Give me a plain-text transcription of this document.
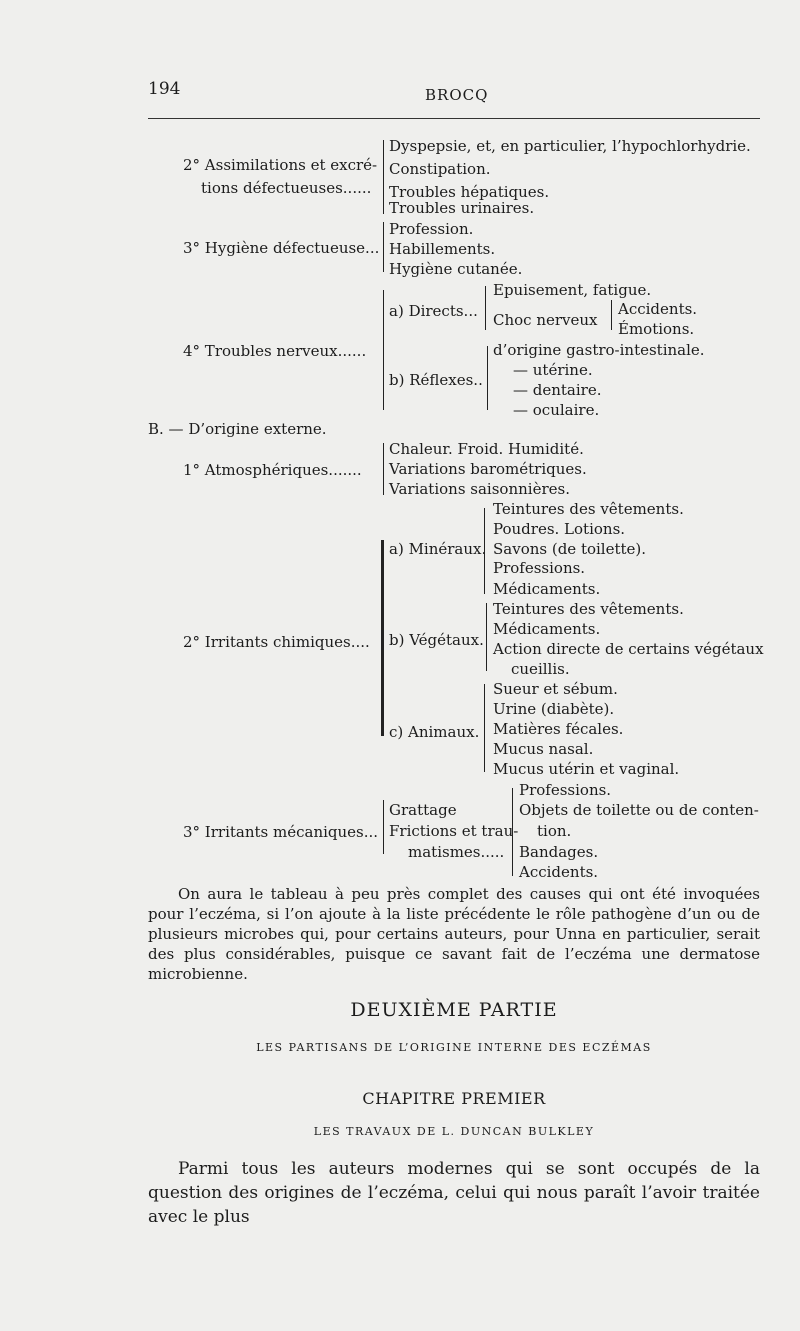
194	BROCQ
2° Assimilations et excré-
tions défectueuses......
Dyspepsie, et, en particulier, l’hypochlorhydrie.
Constipation.
Troubles hépatiques.
Troubles urinaires.
3° Hygiène défectueuse...
Profession.
Habillements.
Hygiène cutanée.
4° Troubles nerveux......
a) Directs...
Epuisement, fatigue.
Choc nerveux
Accidents.
Émotions.
b) Réflexes..
d’origine gastro-intestinale.
— utérine.
— dentaire.
— oculaire.
B. — D’origine externe.
1° Atmosphériques.......
Chaleur. Froid. Humidité.
Variations barométriques.
Variations saisonnières.
2° Irritants chimiques....
a) Minéraux.
Teintures des vêtements.
Poudres. Lotions.
Savons (de toilette).
Professions.
Médicaments.
b) Végétaux.
Teintures des vêtements.
Médicaments.
Action directe de certains végétaux
cueillis.
c) Animaux.
Sueur et sébum.
Urine (diabète).
Matières fécales.
Mucus nasal.
Mucus utérin et vaginal.
3° Irritants mécaniques...
Grattage
Frictions et trau-
matismes.....
Professions.
Objets de toilette ou de conten-
tion.
Bandages.
Accidents.
On aura le tableau à peu près complet des causes qui ont été invoquées pour l’eczéma, si l’on ajoute à la liste précédente le rôle pathogène d’un ou de plusieurs microbes qui, pour certains auteurs, pour Unna en particulier, serait des plus considérables, puisque ce savant fait de l’eczéma une dermatose microbienne.
DEUXIÈME PARTIE
LES PARTISANS DE L’ORIGINE INTERNE DES ECZÉMAS
CHAPITRE PREMIER
LES TRAVAUX DE L. DUNCAN BULKLEY
Parmi tous les auteurs modernes qui se sont occupés de la question des origines de l’eczéma, celui qui nous paraît l’avoir traitée avec le plus
